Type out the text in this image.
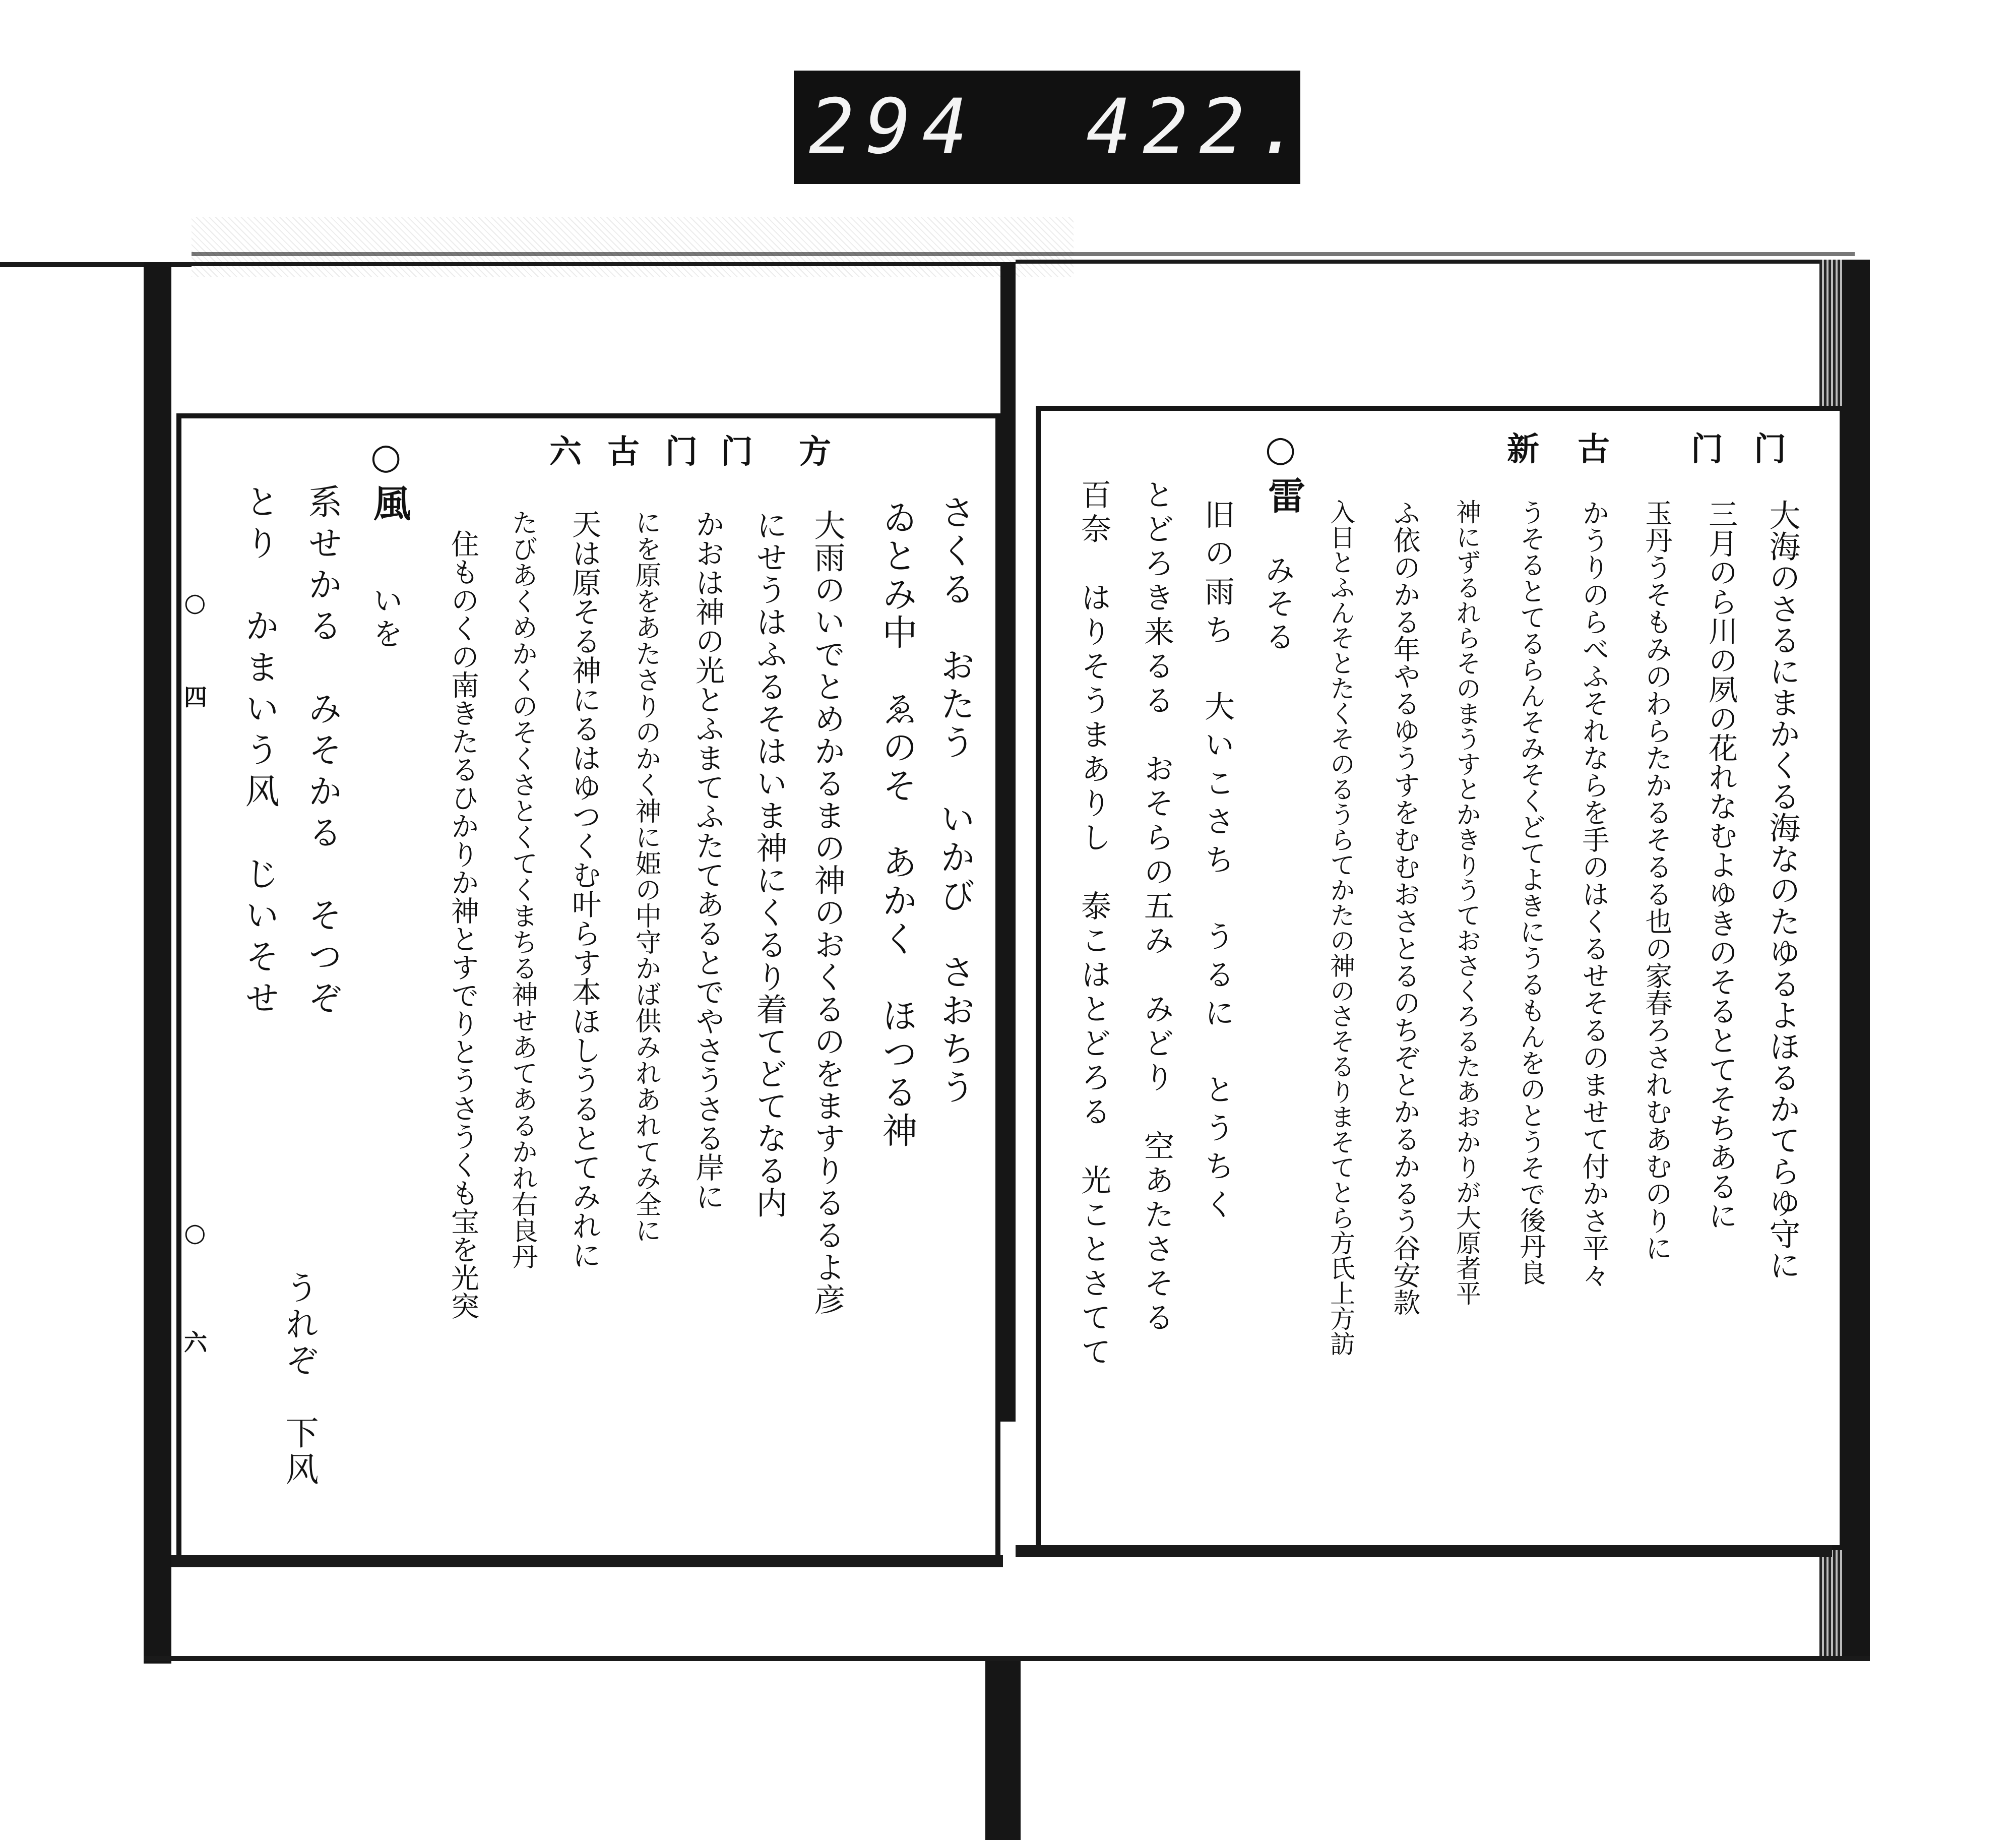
294 422.
方
门
门
古
六
さくる　おたう　いかび　さおちう
ゐとみ中　ゑのそ　あかく　ほつる神
大雨のいでとめかるまの神のおくるのをますりるるよ彦
にせうはふるそはいま神にくるり着てどてなる内
かおは神の光とふまてふたてあるとでやさうさる岸に
にを原をあたさりのかく神に姫の中守かば供みれあれてみ全に
天は原そる神にるはゆつくむ叶らす本ほしうるとてみれに
たびあくめかくのそくさとくてくまちる神せあてあるかれ右良丹
住ものくの南きたるひかりか神とすでりとうさうくも宝を光突
○
風
いを
系せかる　みそかる　そつぞ
とり　かまいう风　じいそせ
うれぞ　下风
○
四
○
六
门
门
古
新
大海のさるにまかくる海なのたゆるよほるかてらゆ守に
三月のら川の夙の花れなむよゆきのそるとてそちあるに
玉丹うそもみのわらたかるそるる也の家春ろされむあむのりに
かうりのらべふそれならを手のはくるせそるのませて付かさ平々
うそるとてるらんそみそくどてよきにうるもんをのとうそで後丹良
神にずるれらそのまうすとかきりうておさくろるたあおかりが大原者平
ふ依のかる年やるゆうすをむむおさとるのちぞとかるかるう谷安款
入日とふんそとたくそのるうらてかたの神のさそるりまそてとら方氏上方訪
○
雷
みそる
旧の雨ち　大いこさち　うるに　とうちく
とどろき来るる　おそらの五み　みどり　空あたさそる
百奈　はりそうまありし　泰こはとどろる　光ことさてて
